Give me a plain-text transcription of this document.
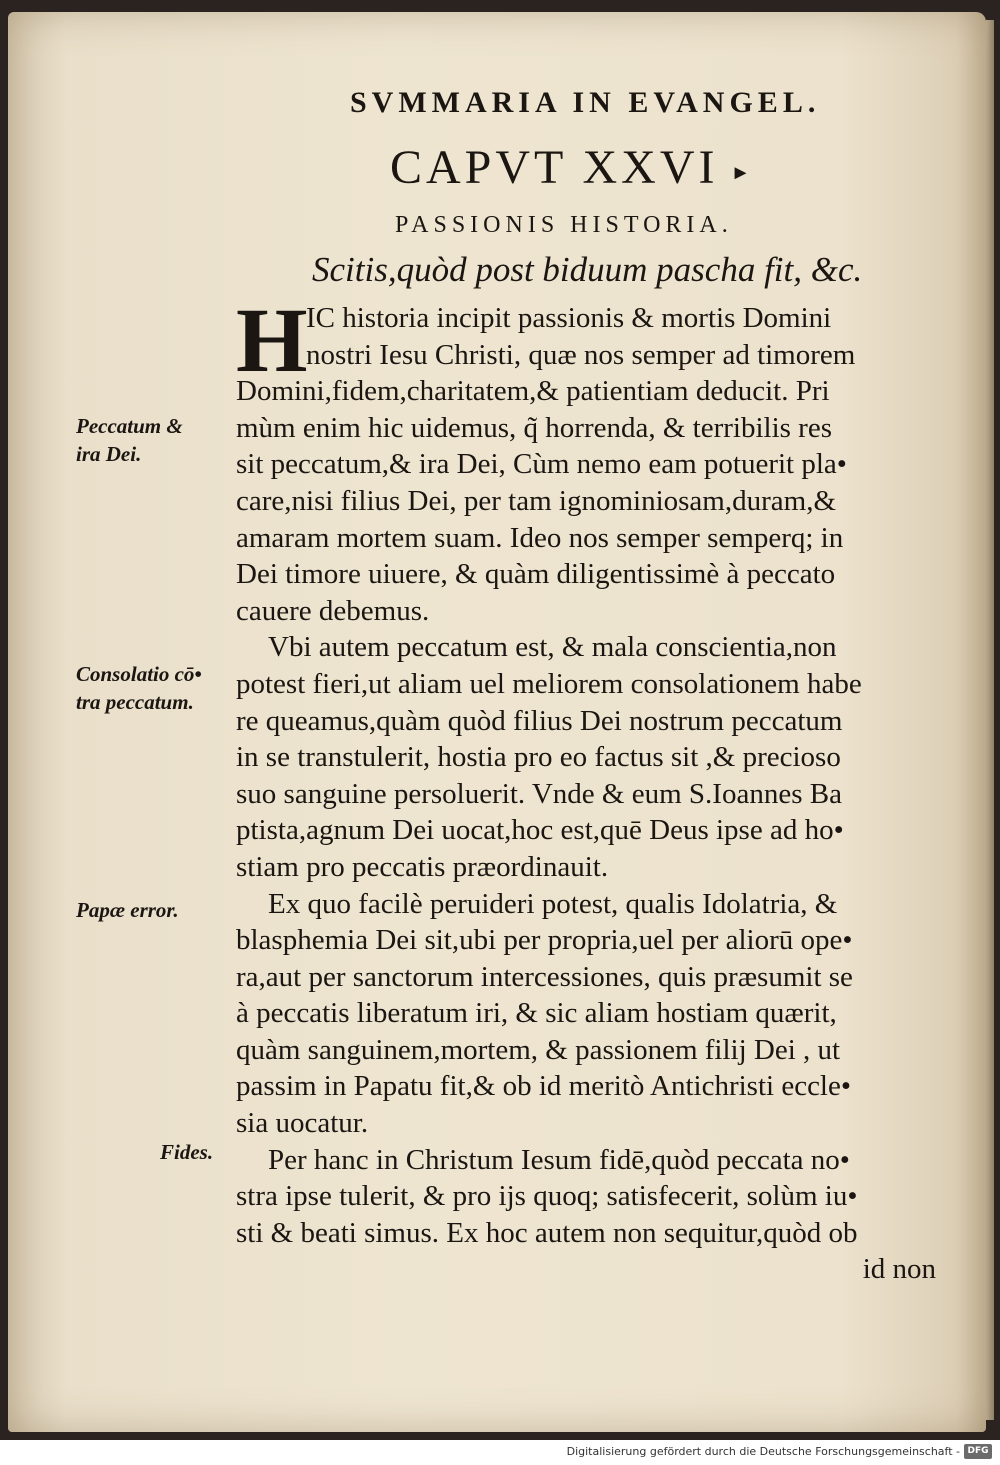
SVMMARIA IN EVANGEL.
CAPVT XXVI ▸
PASSIONIS HISTORIA.
Scitis,quòd post biduum pascha fit, &c.
H
IC historia incipit passionis & mortis Domini
nostri Iesu Christi, quæ nos semper ad timorem
Domini,fidem,charitatem,& patientiam deducit. Pri
mùm enim hic uidemus, q̃ horrenda, & terribilis res
sit peccatum,& ira Dei, Cùm nemo eam potuerit pla•
care,nisi filius Dei, per tam ignominiosam,duram,&
amaram mortem suam. Ideo nos semper semperq; in
Dei timore uiuere, & quàm diligentissimè à peccato
cauere debemus.
Vbi autem peccatum est, & mala conscientia,non
potest fieri,ut aliam uel meliorem consolationem habe
re queamus,quàm quòd filius Dei nostrum peccatum
in se transtulerit, hostia pro eo factus sit ,& precioso
suo sanguine persoluerit. Vnde & eum S.Ioannes Ba
ptista,agnum Dei uocat,hoc est,quē Deus ipse ad ho•
stiam pro peccatis præordinauit.
Ex quo facilè peruideri potest, qualis Idolatria, &
blasphemia Dei sit,ubi per propria,uel per aliorū ope•
ra,aut per sanctorum intercessiones, quis præsumit se
à peccatis liberatum iri, & sic aliam hostiam quærit,
quàm sanguinem,mortem, & passionem filij Dei , ut
passim in Papatu fit,& ob id meritò Antichristi eccle•
sia uocatur.
Per hanc in Christum Iesum fidē,quòd peccata no•
stra ipse tulerit, & pro ijs quoq; satisfecerit, solùm iu•
sti & beati simus. Ex hoc autem non sequitur,quòd ob
id non
Peccatum &
ira Dei.
Consolatio cō•
tra peccatum.
Papæ error.
Fides.
Digitalisierung gefördert durch die Deutsche Forschungsgemeinschaft - DFG
